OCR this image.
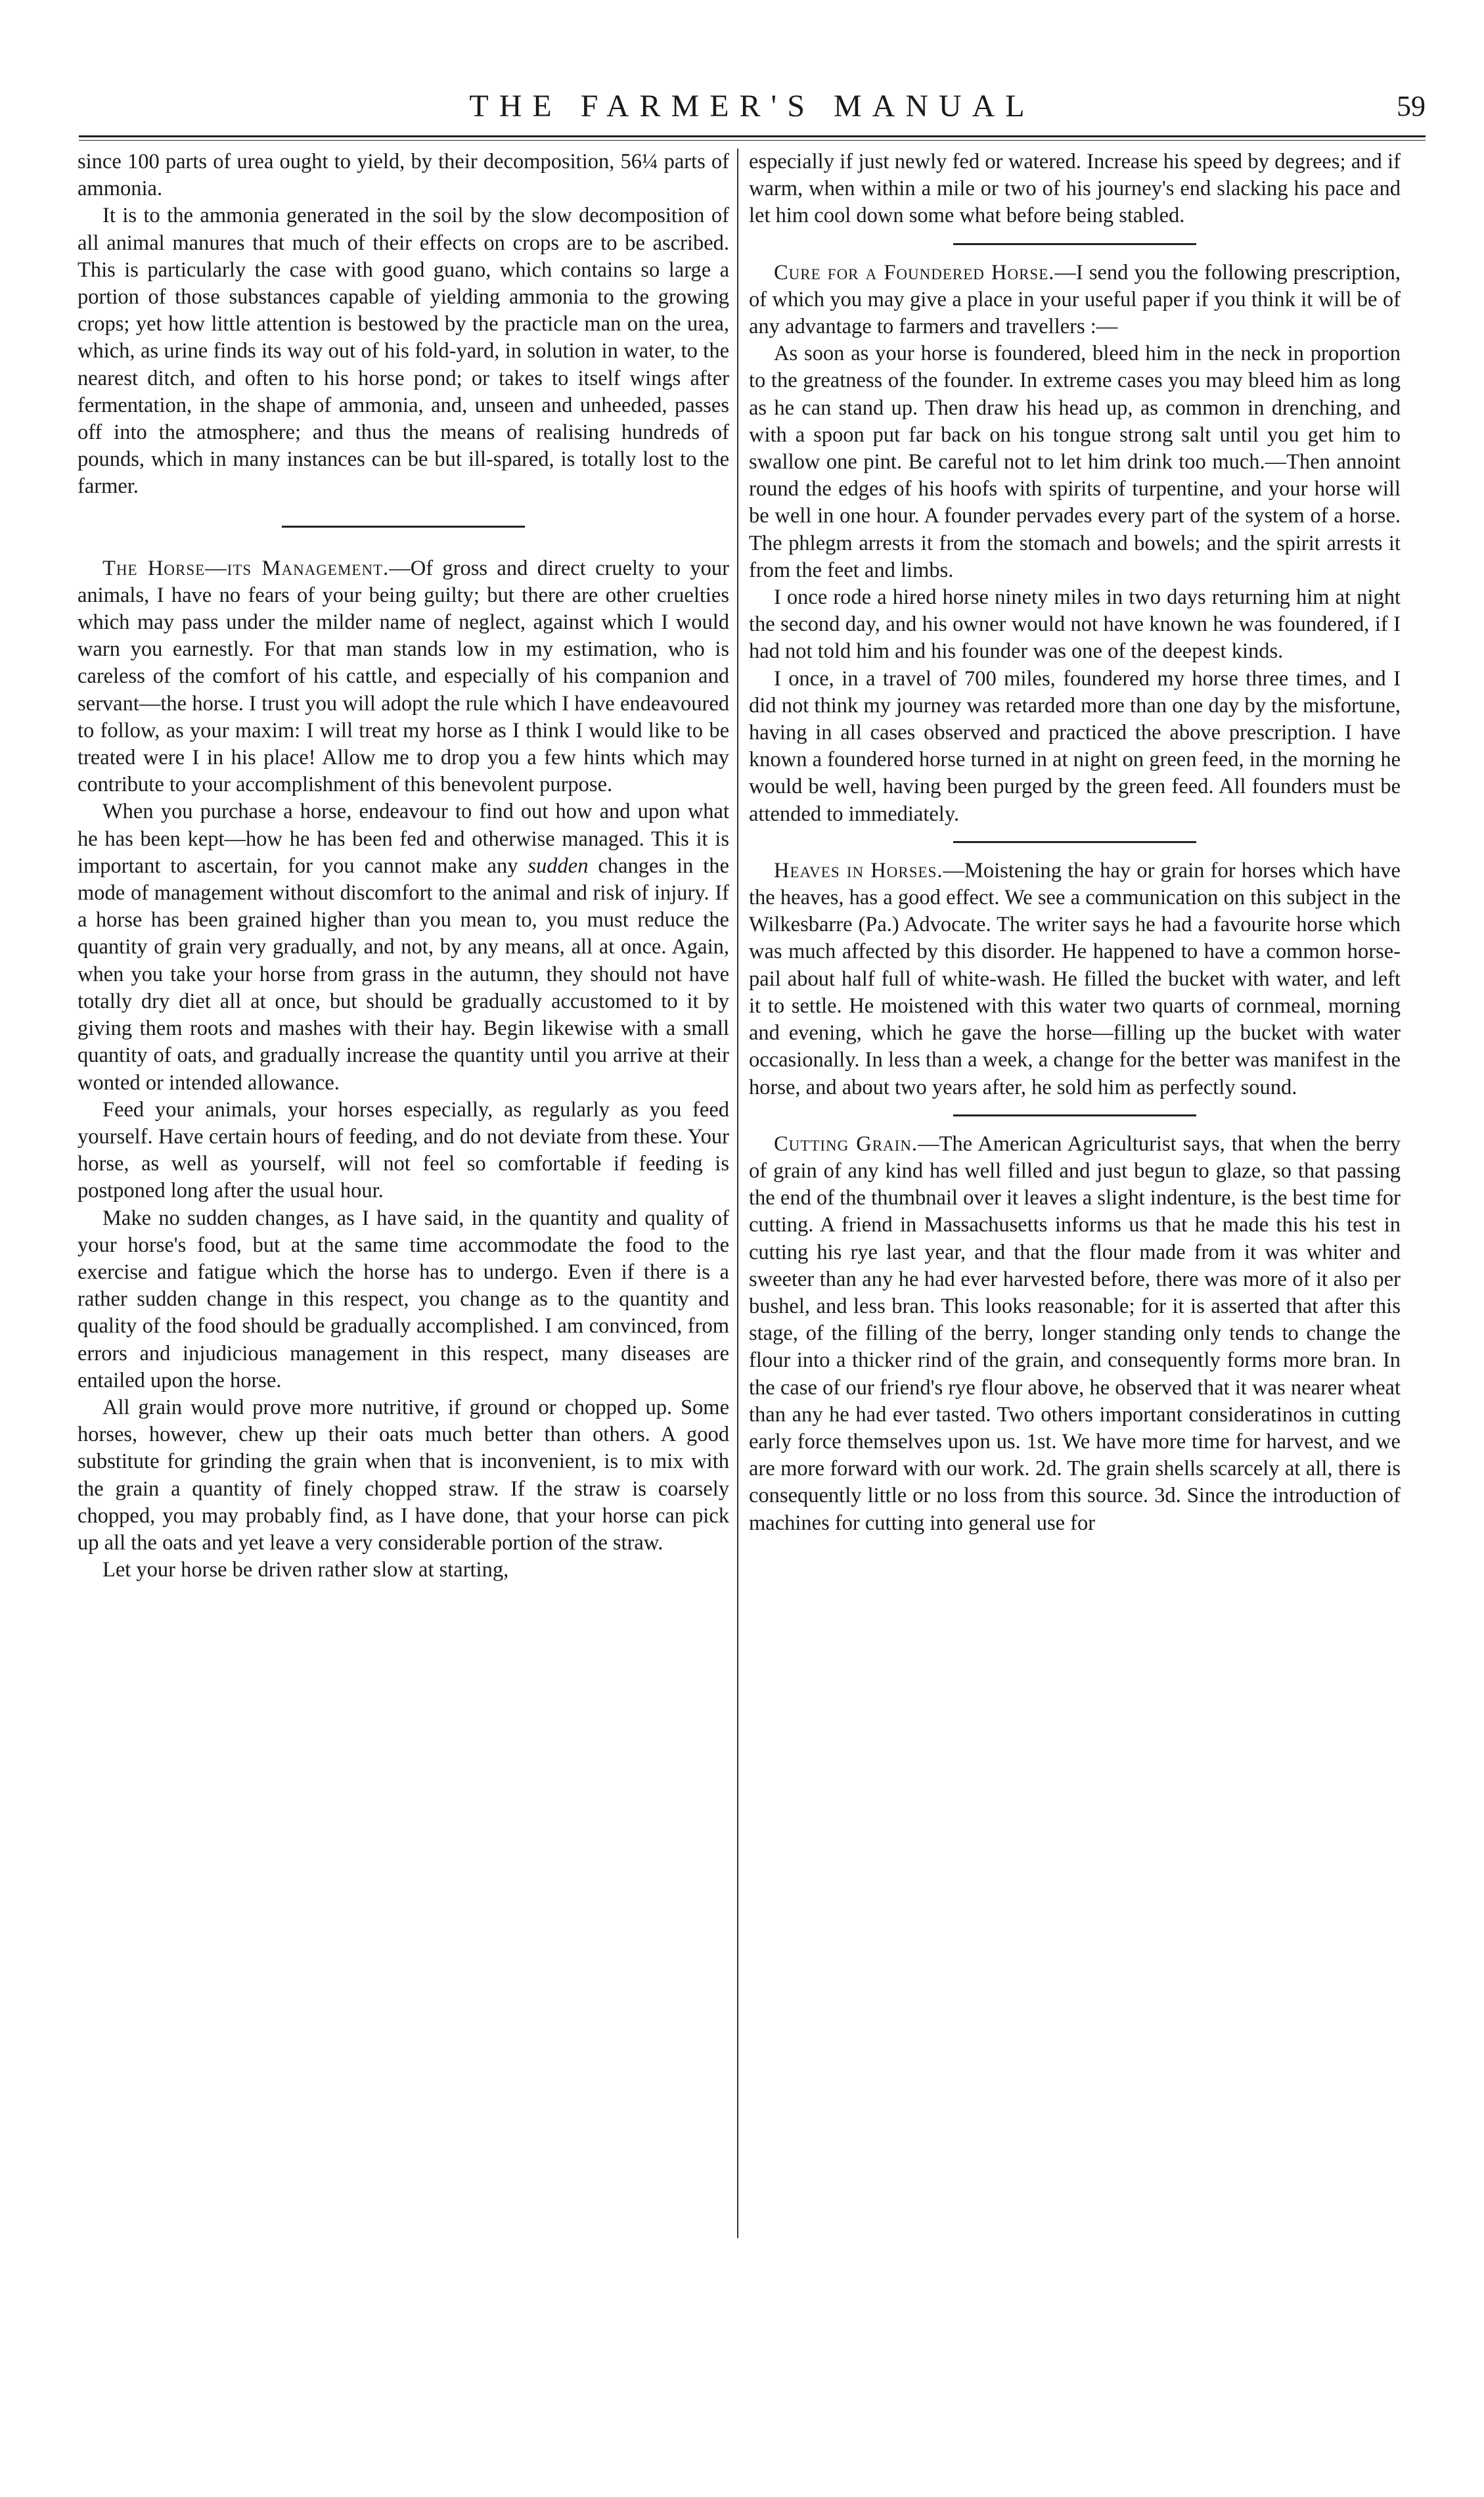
THE FARMER'S MANUAL	59

since 100 parts of urea ought to yield, by their decomposition, 56¼ parts of ammonia.

It is to the ammonia generated in the soil by the slow decomposition of all animal manures that much of their effects on crops are to be ascribed. This is particularly the case with good guano, which contains so large a portion of those substances capable of yielding ammonia to the growing crops; yet how little attention is bestowed by the practicle man on the urea, which, as urine finds its way out of his fold-yard, in solution in water, to the nearest ditch, and often to his horse pond; or takes to itself wings after fermentation, in the shape of ammonia, and, unseen and unheeded, passes off into the atmosphere; and thus the means of realising hundreds of pounds, which in many instances can be but ill-spared, is totally lost to the farmer.

The Horse—its Management.—Of gross and direct cruelty to your animals, I have no fears of your being guilty; but there are other cruelties which may pass under the milder name of neglect, against which I would warn you earnestly. For that man stands low in my estimation, who is careless of the comfort of his cattle, and especially of his companion and servant—the horse. I trust you will adopt the rule which I have endeavoured to follow, as your maxim: I will treat my horse as I think I would like to be treated were I in his place! Allow me to drop you a few hints which may contribute to your accomplishment of this benevolent purpose.

When you purchase a horse, endeavour to find out how and upon what he has been kept—how he has been fed and otherwise managed. This it is important to ascertain, for you cannot make any sudden changes in the mode of management without discomfort to the animal and risk of injury. If a horse has been grained higher than you mean to, you must reduce the quantity of grain very gradually, and not, by any means, all at once. Again, when you take your horse from grass in the autumn, they should not have totally dry diet all at once, but should be gradually accustomed to it by giving them roots and mashes with their hay. Begin likewise with a small quantity of oats, and gradually increase the quantity until you arrive at their wonted or intended allowance.

Feed your animals, your horses especially, as regularly as you feed yourself. Have certain hours of feeding, and do not deviate from these. Your horse, as well as yourself, will not feel so comfortable if feeding is postponed long after the usual hour.

Make no sudden changes, as I have said, in the quantity and quality of your horse's food, but at the same time accommodate the food to the exercise and fatigue which the horse has to undergo. Even if there is a rather sudden change in this respect, you change as to the quantity and quality of the food should be gradually accomplished. I am convinced, from errors and injudicious management in this respect, many diseases are entailed upon the horse.

All grain would prove more nutritive, if ground or chopped up. Some horses, however, chew up their oats much better than others. A good substitute for grinding the grain when that is inconvenient, is to mix with the grain a quantity of finely chopped straw. If the straw is coarsely chopped, you may probably find, as I have done, that your horse can pick up all the oats and yet leave a very considerable portion of the straw.

Let your horse be driven rather slow at starting,

especially if just newly fed or watered. Increase his speed by degrees; and if warm, when within a mile or two of his journey's end slacking his pace and let him cool down some what before being stabled.

Cure for a Foundered Horse.—I send you the following prescription, of which you may give a place in your useful paper if you think it will be of any advantage to farmers and travellers :—

As soon as your horse is foundered, bleed him in the neck in proportion to the greatness of the founder. In extreme cases you may bleed him as long as he can stand up. Then draw his head up, as common in drenching, and with a spoon put far back on his tongue strong salt until you get him to swallow one pint. Be careful not to let him drink too much.—Then annoint round the edges of his hoofs with spirits of turpentine, and your horse will be well in one hour. A founder pervades every part of the system of a horse. The phlegm arrests it from the stomach and bowels; and the spirit arrests it from the feet and limbs.

I once rode a hired horse ninety miles in two days returning him at night the second day, and his owner would not have known he was foundered, if I had not told him and his founder was one of the deepest kinds.

I once, in a travel of 700 miles, foundered my horse three times, and I did not think my journey was retarded more than one day by the misfortune, having in all cases observed and practiced the above prescription. I have known a foundered horse turned in at night on green feed, in the morning he would be well, having been purged by the green feed. All founders must be attended to immediately.

Heaves in Horses.—Moistening the hay or grain for horses which have the heaves, has a good effect. We see a communication on this subject in the Wilkesbarre (Pa.) Advocate. The writer says he had a favourite horse which was much affected by this disorder. He happened to have a common horse-pail about half full of white-wash. He filled the bucket with water, and left it to settle. He moistened with this water two quarts of cornmeal, morning and evening, which he gave the horse—filling up the bucket with water occasionally. In less than a week, a change for the better was manifest in the horse, and about two years after, he sold him as perfectly sound.

Cutting Grain.—The American Agriculturist says, that when the berry of grain of any kind has well filled and just begun to glaze, so that passing the end of the thumbnail over it leaves a slight indenture, is the best time for cutting. A friend in Massachusetts informs us that he made this his test in cutting his rye last year, and that the flour made from it was whiter and sweeter than any he had ever harvested before, there was more of it also per bushel, and less bran. This looks reasonable; for it is asserted that after this stage, of the filling of the berry, longer standing only tends to change the flour into a thicker rind of the grain, and consequently forms more bran. In the case of our friend's rye flour above, he observed that it was nearer wheat than any he had ever tasted. Two others important consideratinos in cutting early force themselves upon us. 1st. We have more time for harvest, and we are more forward with our work. 2d. The grain shells scarcely at all, there is consequently little or no loss from this source. 3d. Since the introduction of machines for cutting into general use for
